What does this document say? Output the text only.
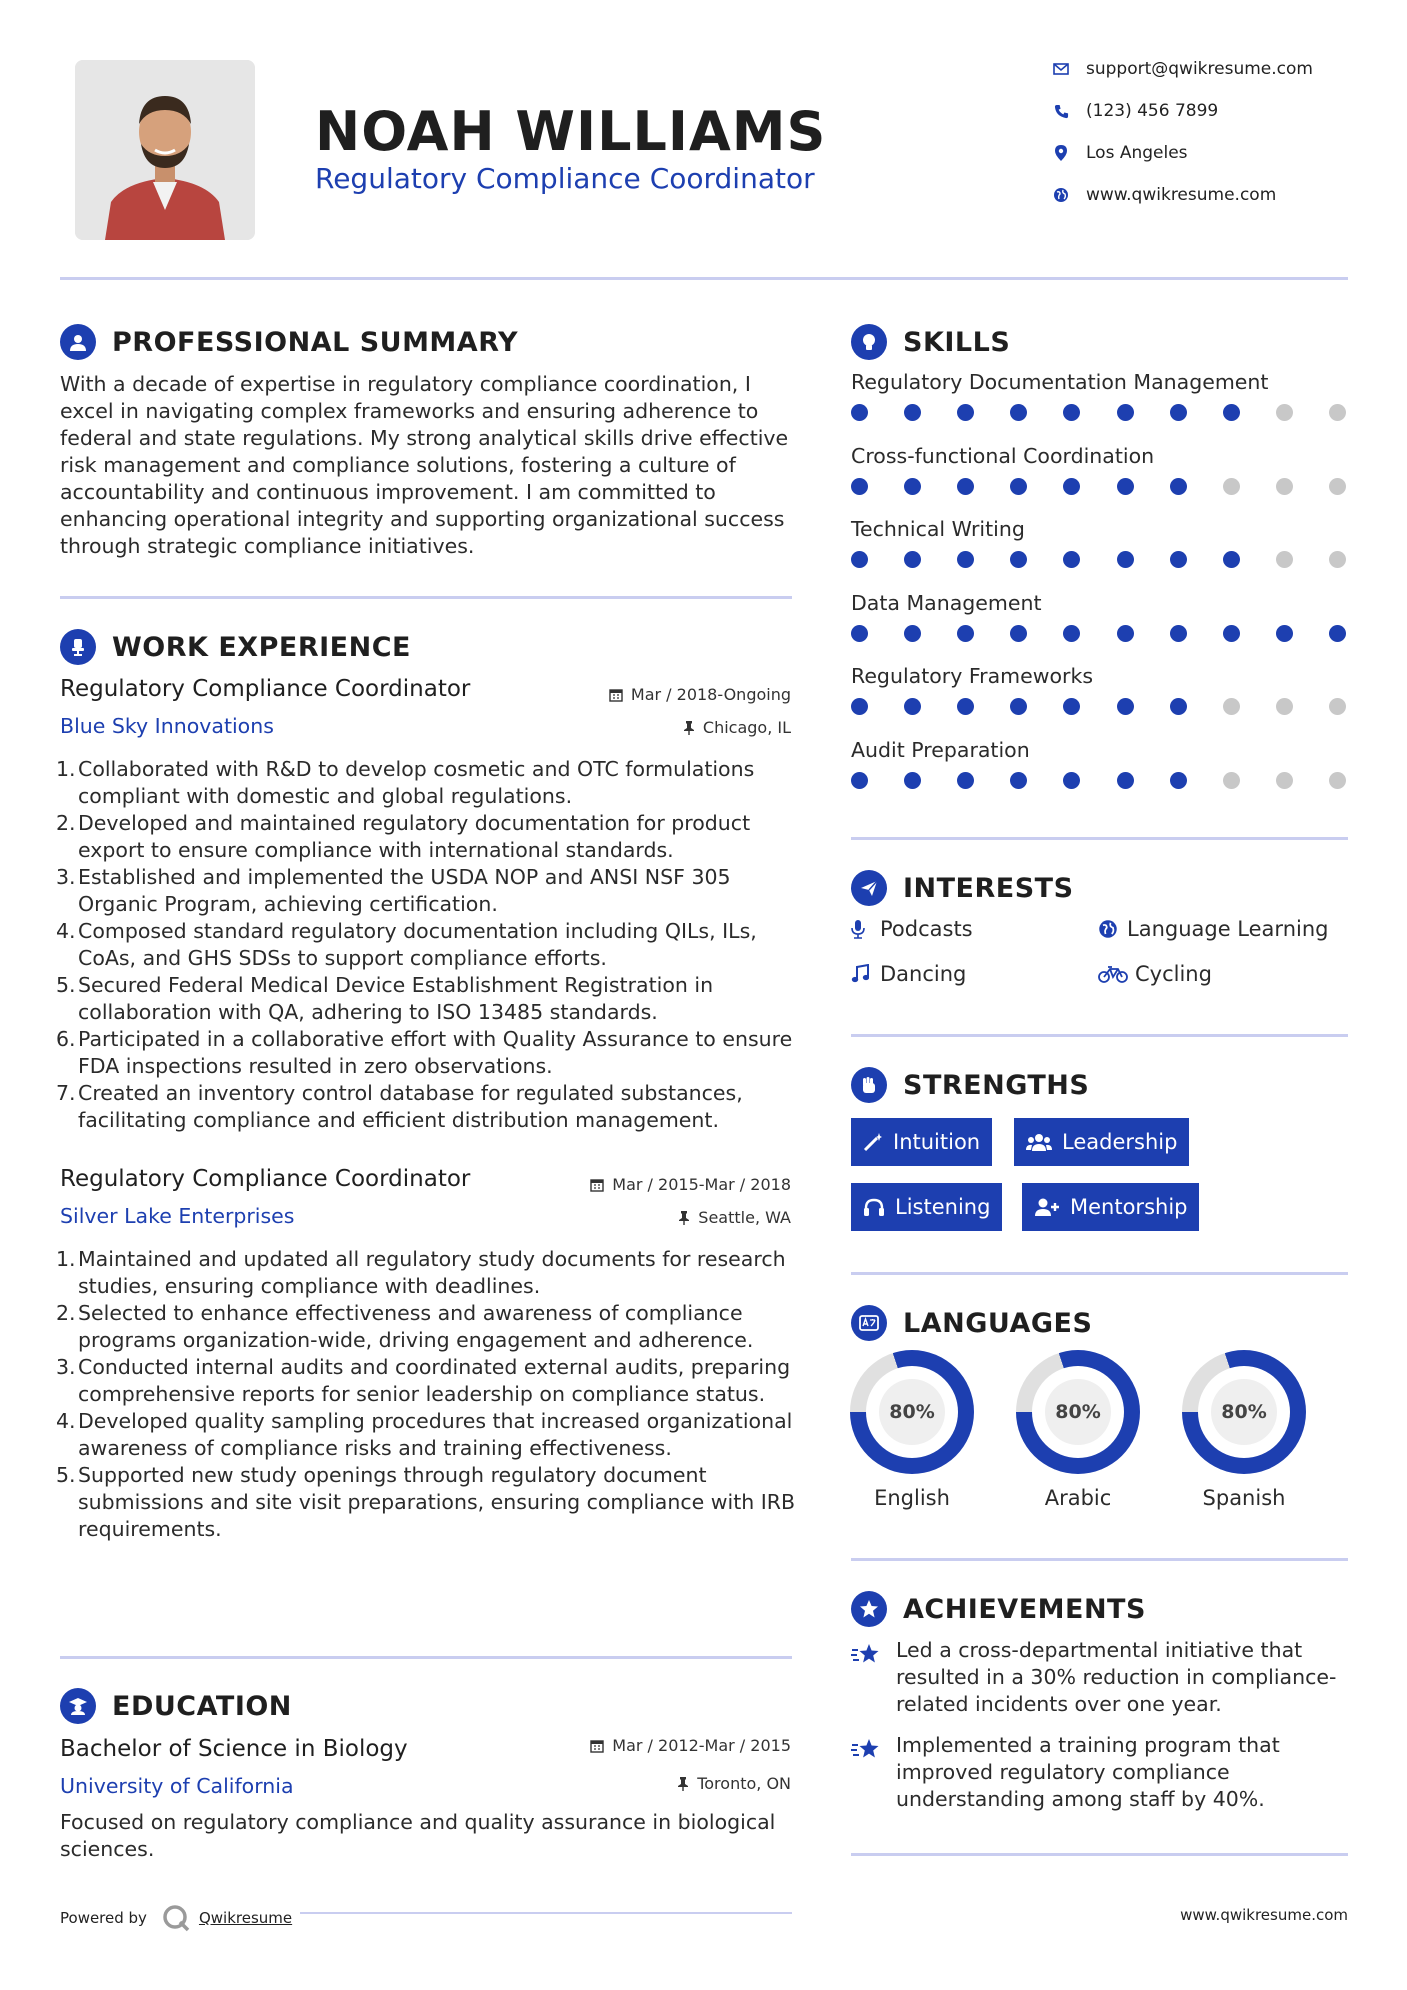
NOAH WILLIAMS
Regulatory Compliance Coordinator
support@qwikresume.com
(123) 456 7899
Los Angeles
www.qwikresume.com
PROFESSIONAL SUMMARY
With a decade of expertise in regulatory compliance coordination, I excel in navigating complex frameworks and ensuring adherence to federal and state regulations. My strong analytical skills drive effective risk management and compliance solutions, fostering a culture of accountability and continuous improvement. I am committed to enhancing operational integrity and supporting organizational success through strategic compliance initiatives.
WORK EXPERIENCE
Regulatory Compliance Coordinator	Mar / 2018-Ongoing
Blue Sky Innovations	Chicago, IL
1. Collaborated with R&D to develop cosmetic and OTC formulations compliant with domestic and global regulations.
2. Developed and maintained regulatory documentation for product export to ensure compliance with international standards.
3. Established and implemented the USDA NOP and ANSI NSF 305 Organic Program, achieving certification.
4. Composed standard regulatory documentation including QILs, ILs, CoAs, and GHS SDSs to support compliance efforts.
5. Secured Federal Medical Device Establishment Registration in collaboration with QA, adhering to ISO 13485 standards.
6. Participated in a collaborative effort with Quality Assurance to ensure FDA inspections resulted in zero observations.
7. Created an inventory control database for regulated substances, facilitating compliance and efficient distribution management.
Regulatory Compliance Coordinator	Mar / 2015-Mar / 2018
Silver Lake Enterprises	Seattle, WA
1. Maintained and updated all regulatory study documents for research studies, ensuring compliance with deadlines.
2. Selected to enhance effectiveness and awareness of compliance programs organization-wide, driving engagement and adherence.
3. Conducted internal audits and coordinated external audits, preparing comprehensive reports for senior leadership on compliance status.
4. Developed quality sampling procedures that increased organizational awareness of compliance risks and training effectiveness.
5. Supported new study openings through regulatory document submissions and site visit preparations, ensuring compliance with IRB requirements.
EDUCATION
Bachelor of Science in Biology	Mar / 2012-Mar / 2015
University of California	Toronto, ON
Focused on regulatory compliance and quality assurance in biological sciences.
SKILLS
Regulatory Documentation Management
Cross-functional Coordination
Technical Writing
Data Management
Regulatory Frameworks
Audit Preparation
INTERESTS
Podcasts	Language Learning
Dancing	Cycling
STRENGTHS
Intuition	Leadership
Listening	Mentorship
LANGUAGES
80%
English
80%
Arabic
80%
Spanish
ACHIEVEMENTS
Led a cross-departmental initiative that resulted in a 30% reduction in compliance-related incidents over one year.
Implemented a training program that improved regulatory compliance understanding among staff by 40%.
Powered by	Qwikresume	www.qwikresume.com
